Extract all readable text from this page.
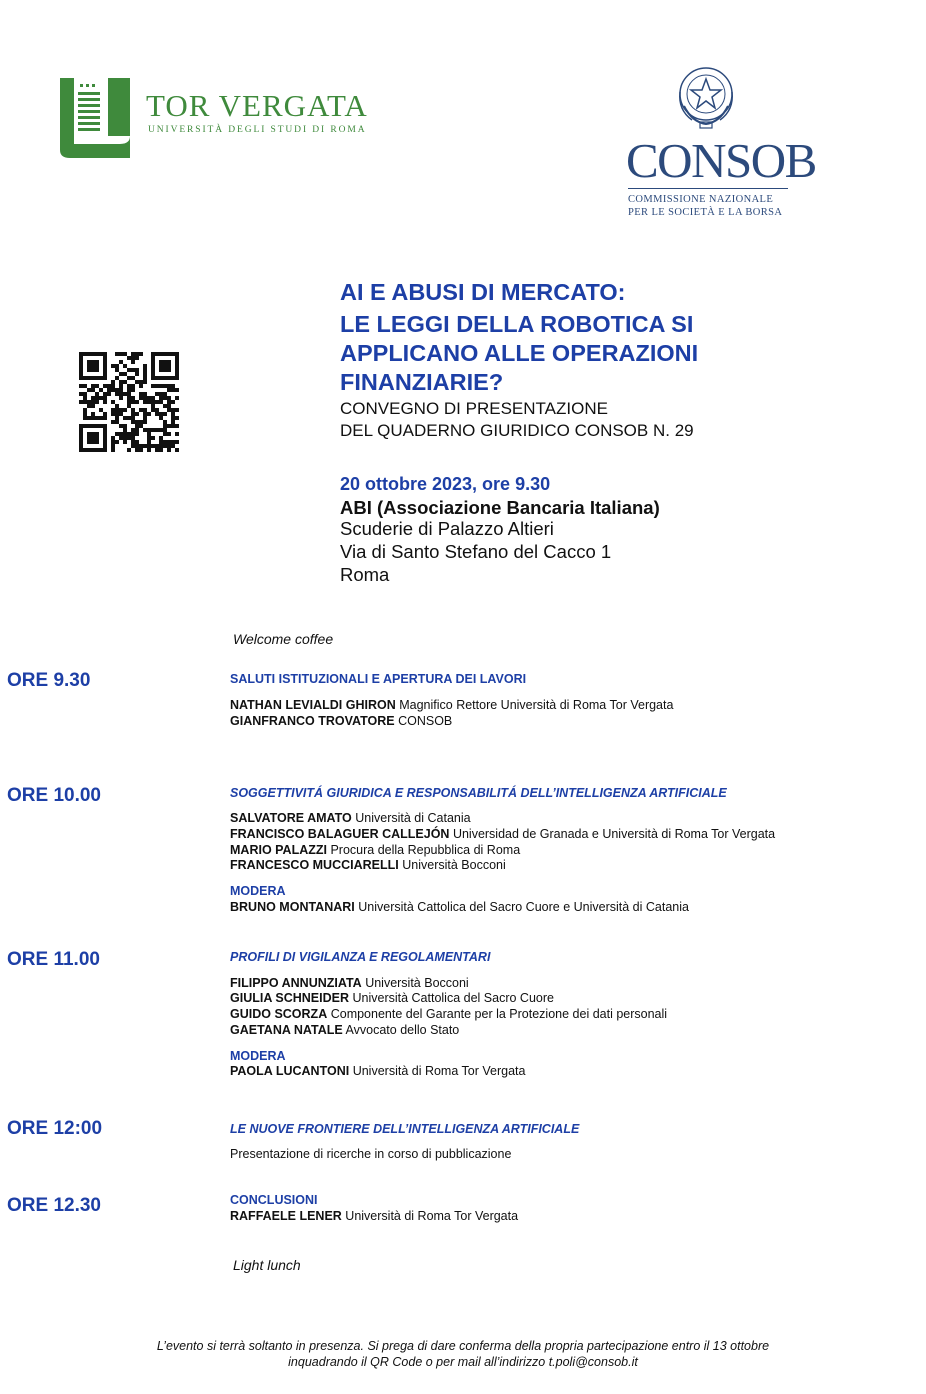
TOR VERGATA
UNIVERSITÀ DEGLI STUDI DI ROMA
CONSOB
COMMISSIONE NAZIONALE
PER LE SOCIETÀ E LA BORSA
AI E ABUSI DI MERCATO:
LE LEGGI DELLA ROBOTICA SI
APPLICANO ALLE OPERAZIONI
FINANZIARIE?
CONVEGNO DI PRESENTAZIONE
DEL QUADERNO GIURIDICO CONSOB N. 29
20 ottobre 2023, ore 9.30
ABI (Associazione Bancaria Italiana)
Scuderie di Palazzo Altieri
Via di Santo Stefano del Cacco 1
Roma
Welcome coffee
ORE 9.30	SALUTI ISTITUZIONALI E APERTURA DEI LAVORI
NATHAN LEVIALDI GHIRON Magnifico Rettore Università di Roma Tor Vergata
GIANFRANCO TROVATORE CONSOB
ORE 10.00	SOGGETTIVITÁ GIURIDICA E RESPONSABILITÁ DELL’INTELLIGENZA ARTIFICIALE
SALVATORE AMATO Università di Catania
FRANCISCO BALAGUER CALLEJÓN Universidad de Granada e Università di Roma Tor Vergata
MARIO PALAZZI Procura della Repubblica di Roma
FRANCESCO MUCCIARELLI Università Bocconi
MODERA
BRUNO MONTANARI Università Cattolica del Sacro Cuore e Università di Catania
ORE 11.00	PROFILI DI VIGILANZA E REGOLAMENTARI
FILIPPO ANNUNZIATA Università Bocconi
GIULIA SCHNEIDER Università Cattolica del Sacro Cuore
GUIDO SCORZA Componente del Garante per la Protezione dei dati personali
GAETANA NATALE Avvocato dello Stato
MODERA
PAOLA LUCANTONI Università di Roma Tor Vergata
ORE 12:00	LE NUOVE FRONTIERE DELL’INTELLIGENZA ARTIFICIALE
Presentazione di ricerche in corso di pubblicazione
ORE 12.30	CONCLUSIONI
RAFFAELE LENER Università di Roma Tor Vergata
Light lunch
L’evento si terrà soltanto in presenza. Si prega di dare conferma della propria partecipazione entro il 13 ottobre
inquadrando il QR Code o per mail all’indirizzo t.poli@consob.it
